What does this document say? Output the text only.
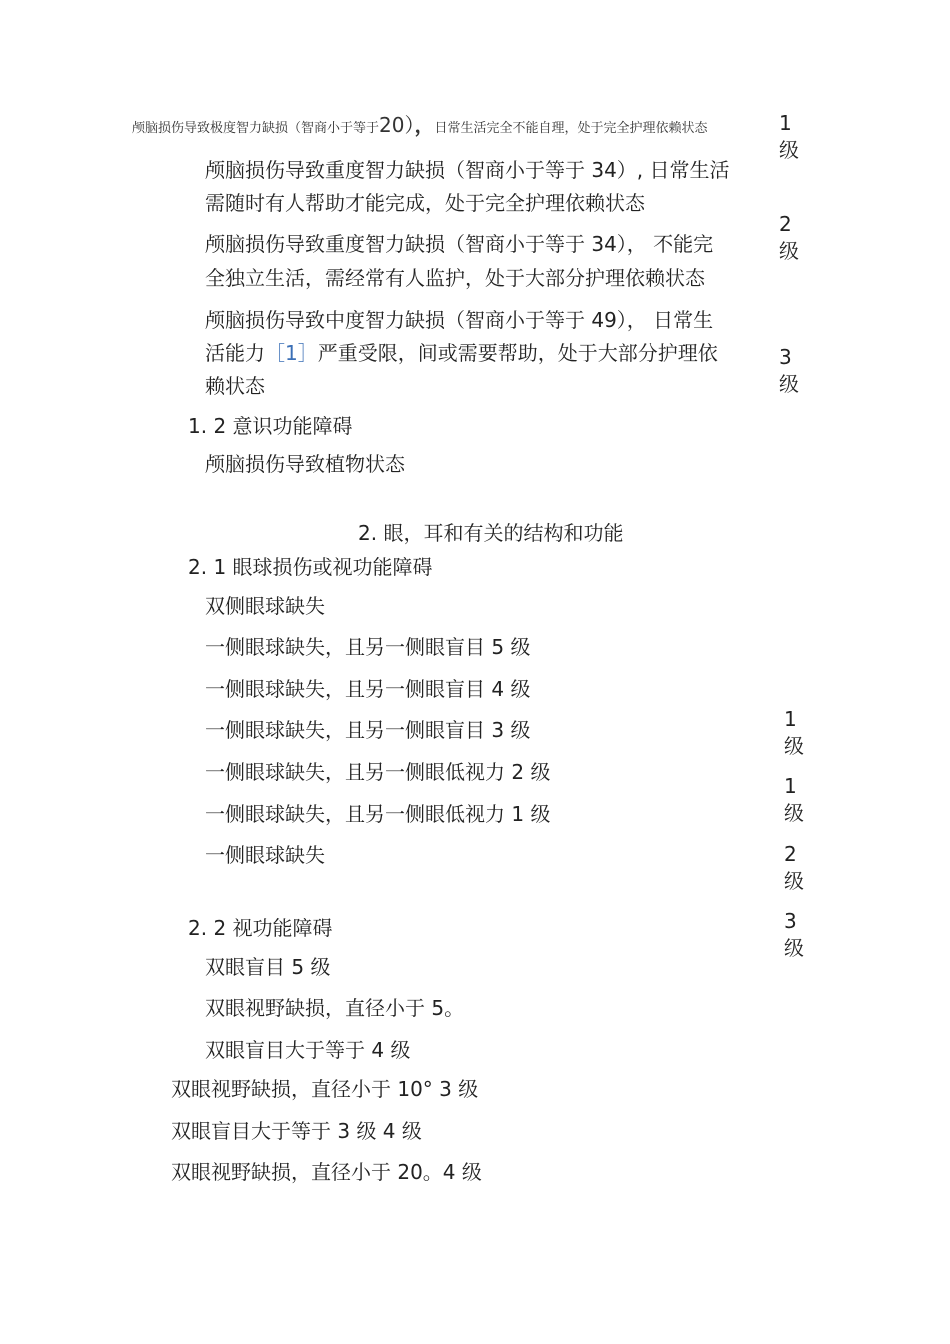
颅脑损伤导致极度智力缺损（智商小于等于20），日常生活完全不能自理，处于完全护理依赖状态
颅脑损伤导致重度智力缺损（智商小于等于 34）, 日常生活
需随时有人帮助才能完成，处于完全护理依赖状态
颅脑损伤导致重度智力缺损（智商小于等于 34）， 不能完
全独立生活，需经常有人监护，处于大部分护理依赖状态
颅脑损伤导致中度智力缺损（智商小于等于 49）， 日常生
活能力［1］严重受限，间或需要帮助，处于大部分护理依
赖状态
1. 2 意识功能障碍
颅脑损伤导致植物状态
1
级
2
级
3
级
2. 眼，耳和有关的结构和功能
2. 1 眼球损伤或视功能障碍
双侧眼球缺失
一侧眼球缺失，且另一侧眼盲目 5 级
一侧眼球缺失，且另一侧眼盲目 4 级
一侧眼球缺失，且另一侧眼盲目 3 级
一侧眼球缺失，且另一侧眼低视力 2 级
一侧眼球缺失，且另一侧眼低视力 1 级
一侧眼球缺失
1
级
1
级
2
级
3
级
2. 2 视功能障碍
双眼盲目 5 级
双眼视野缺损，直径小于 5。
双眼盲目大于等于 4 级
双眼视野缺损，直径小于 10° 3 级
双眼盲目大于等于 3 级 4 级
双眼视野缺损，直径小于 20。4 级
